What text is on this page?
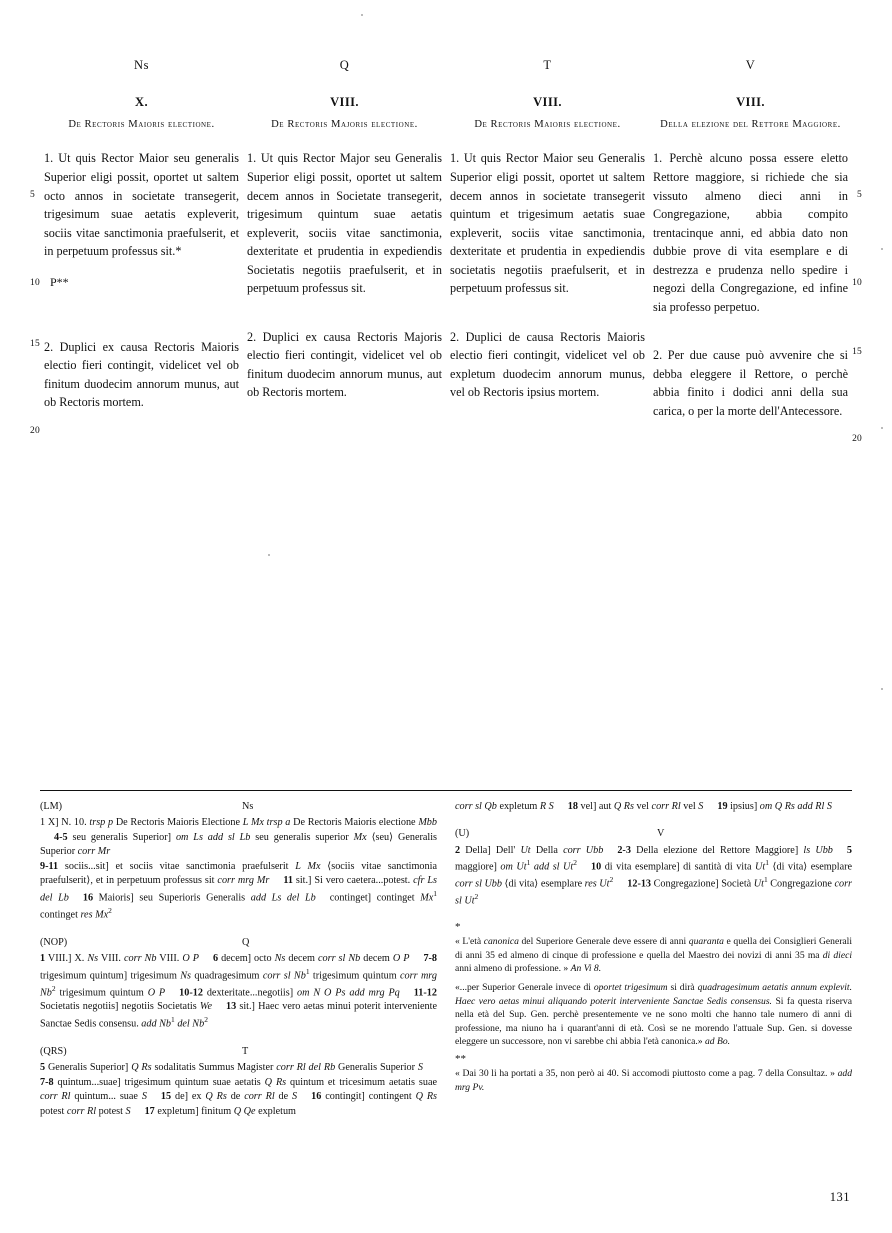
Ns
X.
De Rectoris Maioris electione.
5
10

1. Ut quis Rector Maior seu generalis Superior eligi possit, oportet ut saltem octo annos in societate transegerit, trigesimum suae aetatis expleverit, sociis vitae sanctimonia praefulserit, et in perpetuum professus sit.*

P**
15
20

2. Duplici ex causa Rectoris Maioris electio fieri contingit, videlicet vel ob finitum duodecim annorum munus, aut ob Rectoris mortem.

Q
VIII.
De Rectoris Majoris electione.

1. Ut quis Rector Major seu Generalis Superior eligi possit, oportet ut saltem decem annos in Societate transegerit, trigesimum quintum suae aetatis expleverit, sociis vitae sanctimonia, dexteritate et prudentia in expediendis Societatis negotiis praefulserit, et in perpetuum professus sit.

2. Duplici ex causa Rectoris Majoris electio fieri contingit, videlicet vel ob finitum duodecim annorum munus, aut ob Rectoris mortem.

T
VIII.
De Rectoris Maioris electione.

1. Ut quis Rector Maior seu Generalis Superior eligi possit, oportet ut saltem decem annos in societate transegerit quintum et trigesimum aetatis suae expleverit, sociis vitae sanctimonia, dexteritate et prudentia in expediendis societatis negotiis praefulserit, et in perpetuum professus sit.

2. Duplici de causa Rectoris Maioris electio fieri contingit, videlicet vel ob expletum duodecim annorum munus, vel ob Rectoris ipsius mortem.

V
VIII.
Della elezione del Rettore Maggiore.
5
10

1. Perchè alcuno possa essere eletto Rettore maggiore, si richiede che sia vissuto almeno dieci anni in Congregazione, abbia compito trentacinque anni, ed abbia dato non dubbie prove di vita esemplare e di destrezza e prudenza nello spedire i negozi della Congregazione, ed infine sia professo perpetuo.

15
20

2. Per due cause può avvenire che si debba eleggere il Rettore, o perchè abbia finito i dodici anni della sua carica, o per la morte dell'Antecessore.

(LM)	Ns
1 X] N. 10. trsp p De Rectoris Maioris Electione L Mx trsp a De Rectoris Maioris electione Mbb4-5 seu generalis Superior] om Ls add sl Lb seu generalis superior Mx ⟨seu⟩ Generalis Superior corr Mr
9-11 sociis...sit] et sociis vitae sanctimonia praefulserit L Mx ⟨sociis vitae sanctimonia praefulserit⟩, et in perpetuum professus sit corr mrg Mr 11 sit.] Si vero caetera...potest. cfr Ls del Lb 16 Maioris] seu Superioris Generalis add Ls del Lb continget] continget Mx$^1$ continget res Mx$^2$
(NOP)	Q
1 VIII.] X. Ns VIII. corr Nb VIII. O P 6 decem] octo Ns decem corr sl Nb decem O P 7-8 trigesimum quintum] trigesimum Ns quadragesimum corr sl Nb$^1$ trigesimum quintum corr mrg Nb$^2$ trigesimum quintum O P 10-12 dexteritate...negotiis] om N O Ps add mrg Pq 11-12 Societatis negotiis] negotiis Societatis We 13 sit.] Haec vero aetas minui poterit interveniente Sanctae Sedis consensu. add Nb$^1$ del Nb$^2$
(QRS)	T
5 Generalis Superior] Q Rs sodalitatis Summus Magister corr Rl del Rb Generalis Superior S7-8 quintum...suae] trigesimum quintum suae aetatis Q Rs quintum et tricesimum aetatis suae corr Rl quintum... suae S 15 de] ex Q Rs de corr Rl de S 16 contingit] contingent Q Rs potest corr Rl potest S 17 expletum] finitum Q Qe expletum
corr sl Qb expletum R S 18 vel] aut Q Rs vel corr Rl vel S 19 ipsius] om Q Rs add Rl S
(U)	V
2 Della] Dell' Ut Della corr Ubb 2-3 Della elezione del Rettore Maggiore] ls Ubb 5 maggiore] om Ut$^1$ add sl Ut$^2$ 10 di vita esemplare] di santità di vita Ut$^1$ ⟨di vita⟩ esemplare corr sl Ubb ⟨di vita⟩ esemplare res Ut$^2$ 12-13 Congregazione] Società Ut$^1$ Congregazione corr sl Ut$^2$
*
« L'età canonica del Superiore Generale deve essere di anni quaranta e quella dei Consiglieri Generali di anni 35 ed almeno di cinque di professione e quella del Maestro dei novizi di anni 35 ma di dieci anni almeno di professione. » An Vi 8.
«...per Superior Generale invece di oportet trigesimum si dirà quadragesimum aetatis annum explevit. Haec vero aetas minui aliquando poterit interveniente Sanctae Sedis consensus. Si fa questa riserva nella età del Sup. Gen. perchè presentemente ve ne sono molti che hanno tale numero di anni di professione, ma niuno ha i quarant'anni di età. Così se ne morendo l'attuale Sup. Gen. si dovesse eleggere un successore, non vi sarebbe chi abbia l'età canonica.» ad Bo.
**
« Dai 30 li ha portati a 35, non però ai 40. Si accomodi piuttosto come a pag. 7 della Consultaz. » add mrg Pv.
131
